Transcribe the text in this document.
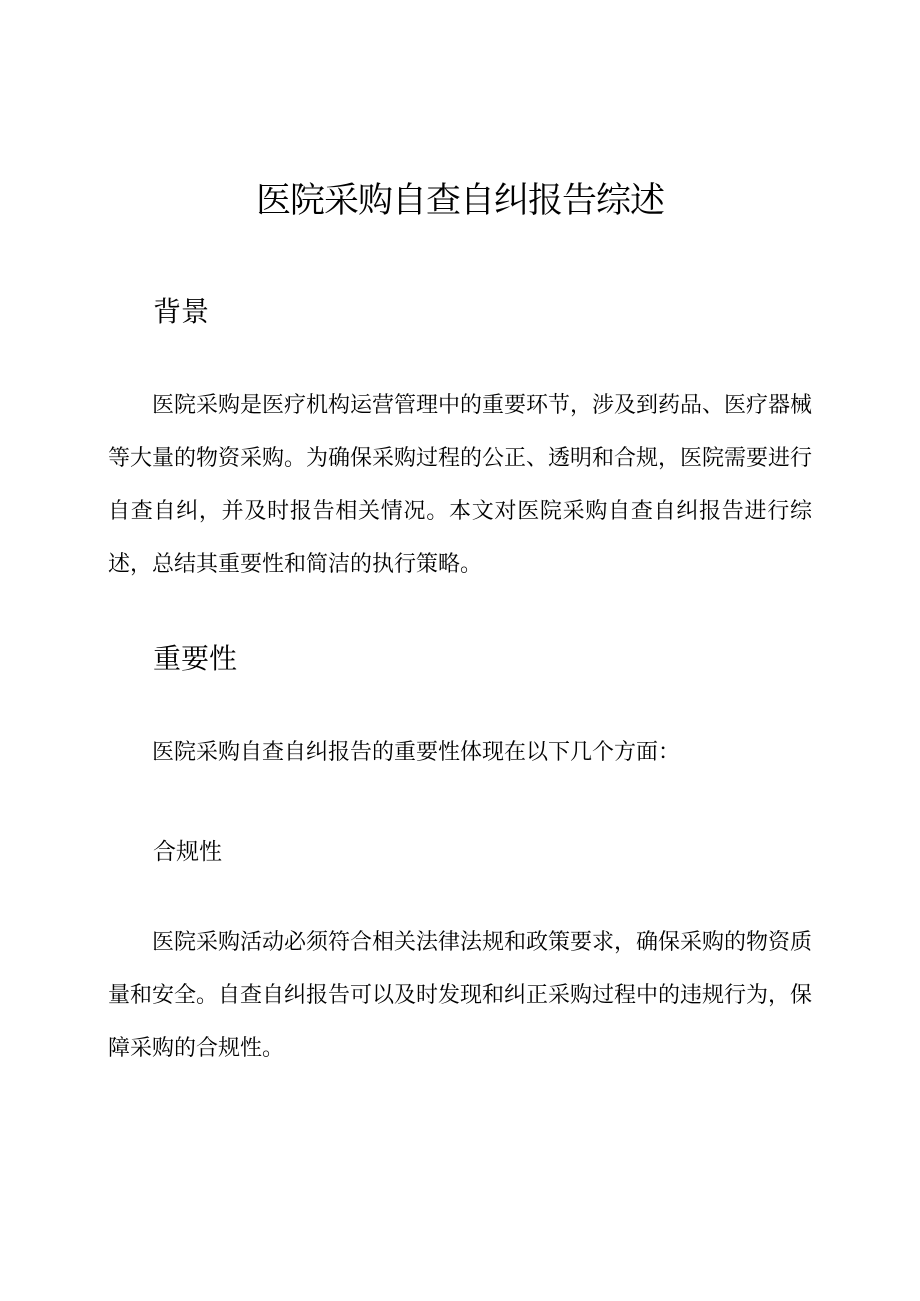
医院采购自查自纠报告综述
背景

医院采购是医疗机构运营管理中的重要环节，涉及到药品、医疗器械等大量的物资采购。为确保采购过程的公正、透明和合规，医院需要进行自查自纠，并及时报告相关情况。本文对医院采购自查自纠报告进行综述，总结其重要性和简洁的执行策略。

重要性

医院采购自查自纠报告的重要性体现在以下几个方面：

合规性

医院采购活动必须符合相关法律法规和政策要求，确保采购的物资质量和安全。自查自纠报告可以及时发现和纠正采购过程中的违规行为，保障采购的合规性。
